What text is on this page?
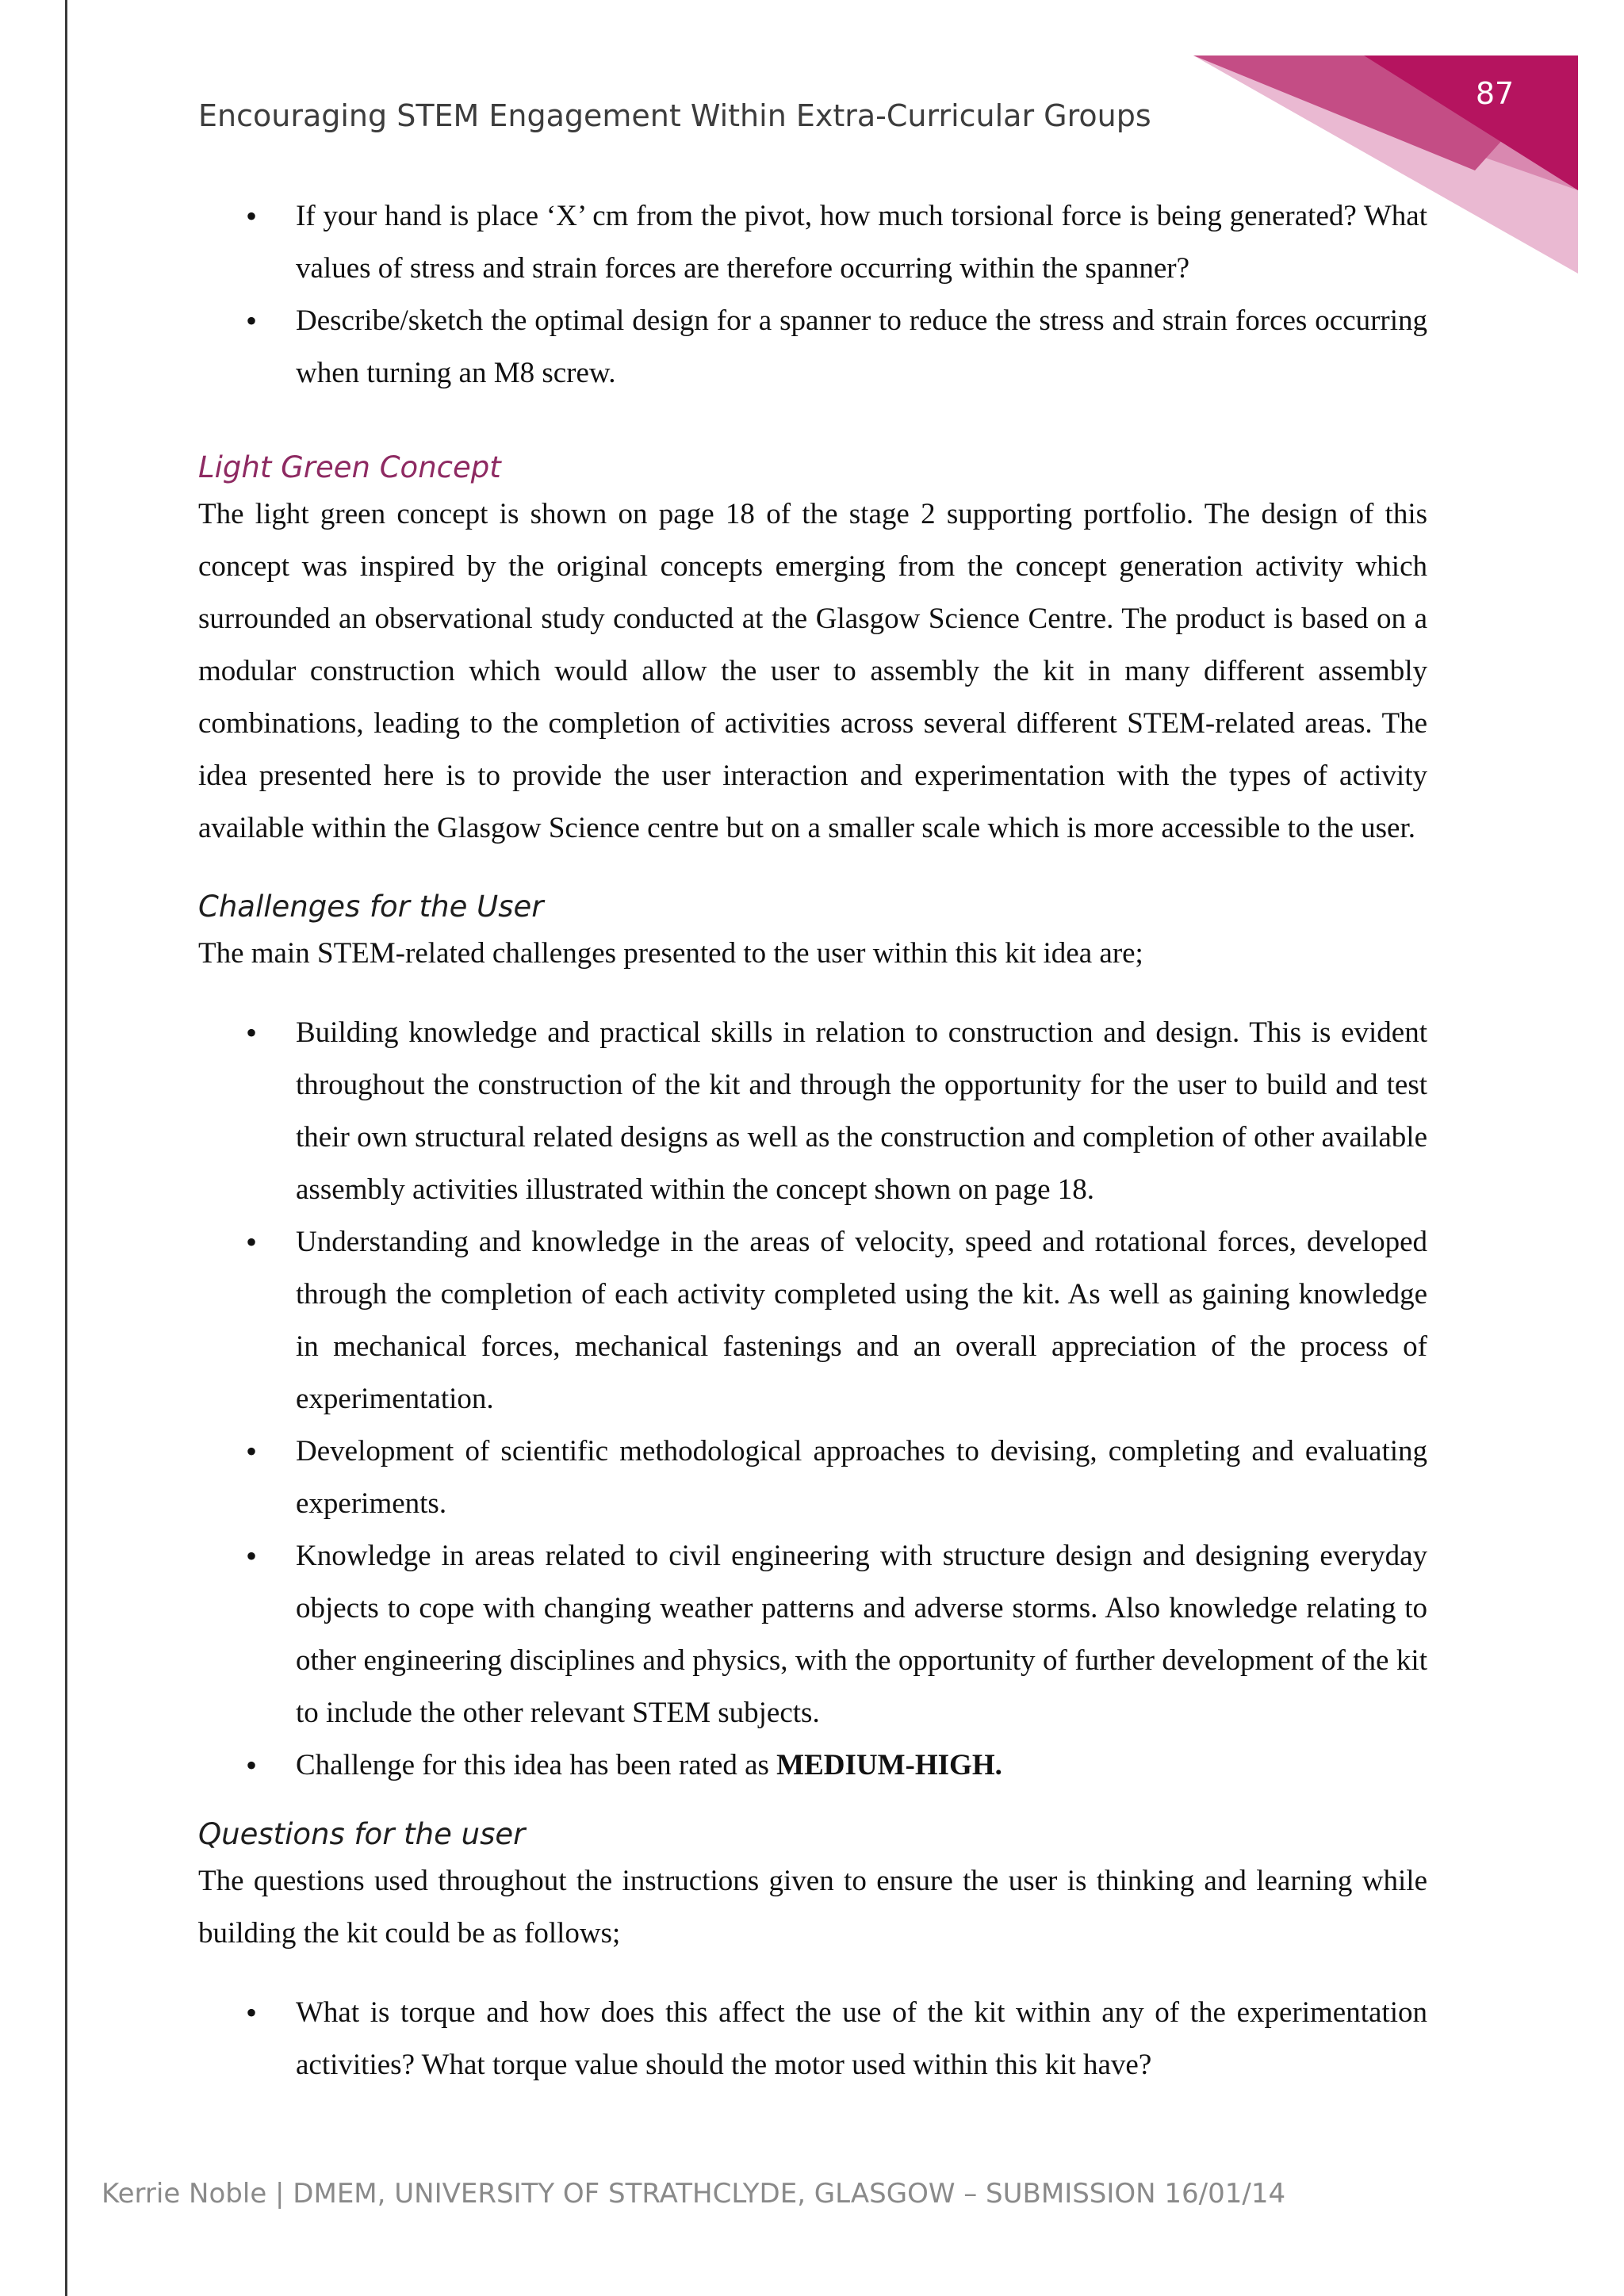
87
Encouraging STEM Engagement Within Extra-Curricular Groups
• If your hand is place ‘X’ cm from the pivot, how much torsional force is being generated? What values of stress and strain forces are therefore occurring within the spanner?
• Describe/sketch the optimal design for a spanner to reduce the stress and strain forces occurring when turning an M8 screw.
Light Green Concept

The light green concept is shown on page 18 of the stage 2 supporting portfolio. The design of this concept was inspired by the original concepts emerging from the concept generation activity which surrounded an observational study conducted at the Glasgow Science Centre. The product is based on a modular construction which would allow the user to assembly the kit in many different assembly combinations, leading to the completion of activities across several different STEM-related areas. The idea presented here is to provide the user interaction and experimentation with the types of activity available within the Glasgow Science centre but on a smaller scale which is more accessible to the user.

Challenges for the User

The main STEM-related challenges presented to the user within this kit idea are;

• Building knowledge and practical skills in relation to construction and design. This is evident throughout the construction of the kit and through the opportunity for the user to build and test their own structural related designs as well as the construction and completion of other available assembly activities illustrated within the concept shown on page 18.
• Understanding and knowledge in the areas of velocity, speed and rotational forces, developed through the completion of each activity completed using the kit. As well as gaining knowledge in mechanical forces, mechanical fastenings and an overall appreciation of the process of experimentation.
• Development of scientific methodological approaches to devising, completing and evaluating experiments.
• Knowledge in areas related to civil engineering with structure design and designing everyday objects to cope with changing weather patterns and adverse storms. Also knowledge relating to other engineering disciplines and physics, with the opportunity of further development of the kit to include the other relevant STEM subjects.
• Challenge for this idea has been rated as MEDIUM-HIGH.
Questions for the user

The questions used throughout the instructions given to ensure the user is thinking and learning while building the kit could be as follows;

• What is torque and how does this affect the use of the kit within any of the experimentation activities? What torque value should the motor used within this kit have?
Kerrie Noble | DMEM, UNIVERSITY OF STRATHCLYDE, GLASGOW – SUBMISSION 16/01/14
